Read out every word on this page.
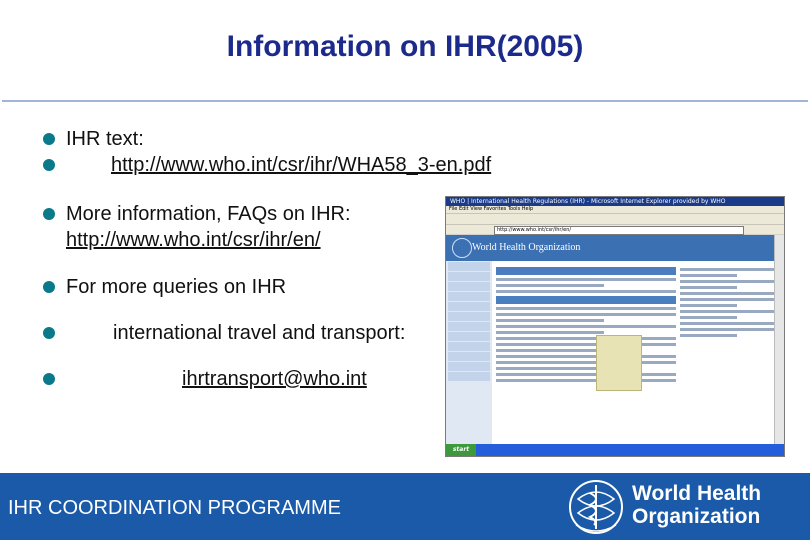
Information on IHR(2005)
IHR text:
http://www.who.int/csr/ihr/WHA58_3-en.pdf
More information, FAQs on IHR:
http://www.who.int/csr/ihr/en/
For more queries on IHR
international travel and transport:
ihrtransport@who.int
WHO | International Health Regulations (IHR) - Microsoft Internet Explorer provided by WHO
File Edit View Favorites Tools Help
http://www.who.int/csr/ihr/en/
World Health Organization
start
IHR COORDINATION PROGRAMME
World Health
Organization
